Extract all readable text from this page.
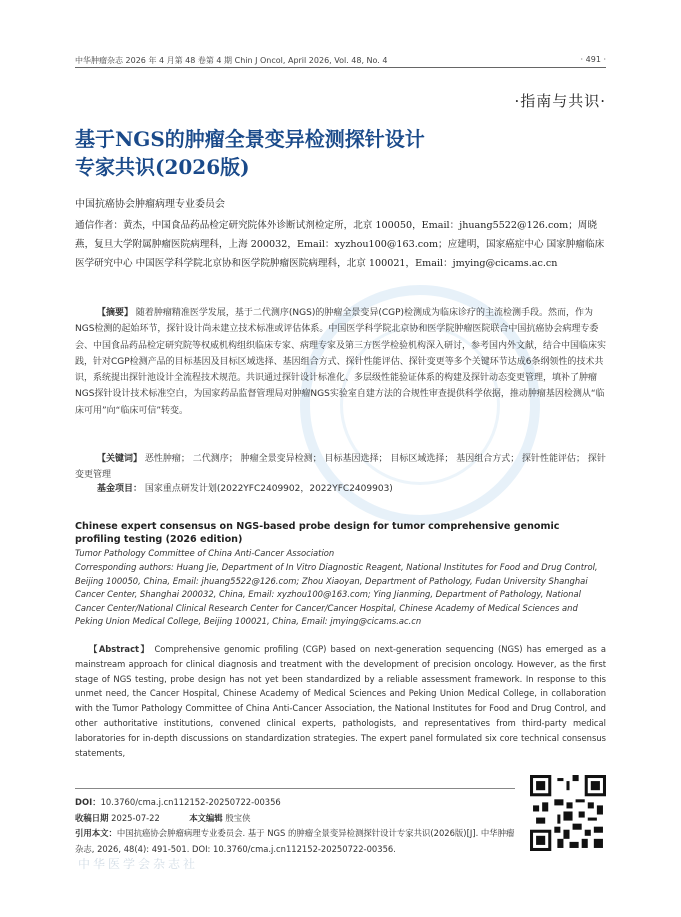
中华肿瘤杂志 2026 年 4 月第 48 卷第 4 期 Chin J Oncol, April 2026, Vol. 48, No. 4	· 491 ·
·指南与共识·
基于NGS的肿瘤全景变异检测探针设计
专家共识(2026版)
中国抗癌协会肿瘤病理专业委员会
通信作者：黄杰，中国食品药品检定研究院体外诊断试剂检定所，北京 100050，Email：jhuang5522@126.com；周晓燕，复旦大学附属肿瘤医院病理科，上海 200032，Email：xyzhou100@163.com；应建明，国家癌症中心 国家肿瘤临床医学研究中心 中国医学科学院北京协和医学院肿瘤医院病理科，北京 100021，Email：jmying@cicams.ac.cn
【摘要】 随着肿瘤精准医学发展，基于二代测序(NGS)的肿瘤全景变异(CGP)检测成为临床诊疗的主流检测手段。然而，作为NGS检测的起始环节，探针设计尚未建立技术标准或评估体系。中国医学科学院北京协和医学院肿瘤医院联合中国抗癌协会病理专委会、中国食品药品检定研究院等权威机构组织临床专家、病理专家及第三方医学检验机构深入研讨，参考国内外文献，结合中国临床实践，针对CGP检测产品的目标基因及目标区域选择、基因组合方式、探针性能评估、探针变更等多个关键环节达成6条纲领性的技术共识，系统提出探针池设计全流程技术规范。共识通过探针设计标准化、多层级性能验证体系的构建及探针动态变更管理，填补了肿瘤NGS探针设计技术标准空白，为国家药品监督管理局对肿瘤NGS实验室自建方法的合规性审查提供科学依据，推动肿瘤基因检测从“临床可用”向“临床可信”转变。
【关键词】 恶性肿瘤； 二代测序； 肿瘤全景变异检测； 目标基因选择； 目标区域选择； 基因组合方式； 探针性能评估； 探针变更管理
基金项目： 国家重点研发计划(2022YFC2409902，2022YFC2409903)
Chinese expert consensus on NGS-based probe design for tumor comprehensive genomic profiling testing (2026 edition)
Tumor Pathology Committee of China Anti-Cancer Association
Corresponding authors: Huang Jie, Department of In Vitro Diagnostic Reagent, National Institutes for Food and Drug Control, Beijing 100050, China, Email: jhuang5522@126.com; Zhou Xiaoyan, Department of Pathology, Fudan University Shanghai Cancer Center, Shanghai 200032, China, Email: xyzhou100@163.com; Ying Jianming, Department of Pathology, National Cancer Center/National Clinical Research Center for Cancer/Cancer Hospital, Chinese Academy of Medical Sciences and Peking Union Medical College, Beijing 100021, China, Email: jmying@cicams.ac.cn
【Abstract】 Comprehensive genomic profiling (CGP) based on next-generation sequencing (NGS) has emerged as a mainstream approach for clinical diagnosis and treatment with the development of precision oncology. However, as the first stage of NGS testing, probe design has not yet been standardized by a reliable assessment framework. In response to this unmet need, the Cancer Hospital, Chinese Academy of Medical Sciences and Peking Union Medical College, in collaboration with the Tumor Pathology Committee of China Anti-Cancer Association, the National Institutes for Food and Drug Control, and other authoritative institutions, convened clinical experts, pathologists, and representatives from third-party medical laboratories for in-depth discussions on standardization strategies. The expert panel formulated six core technical consensus statements,
DOI：10.3760/cma.j.cn112152-20250722-00356
收稿日期 2025-07-22	本文编辑 殷宝侠
引用本文：中国抗癌协会肿瘤病理专业委员会. 基于 NGS 的肿瘤全景变异检测探针设计专家共识(2026版)[J]. 中华肿瘤杂志, 2026, 48(4): 491-501. DOI: 10.3760/cma.j.cn112152-20250722-00356.
中华医学会杂志社
